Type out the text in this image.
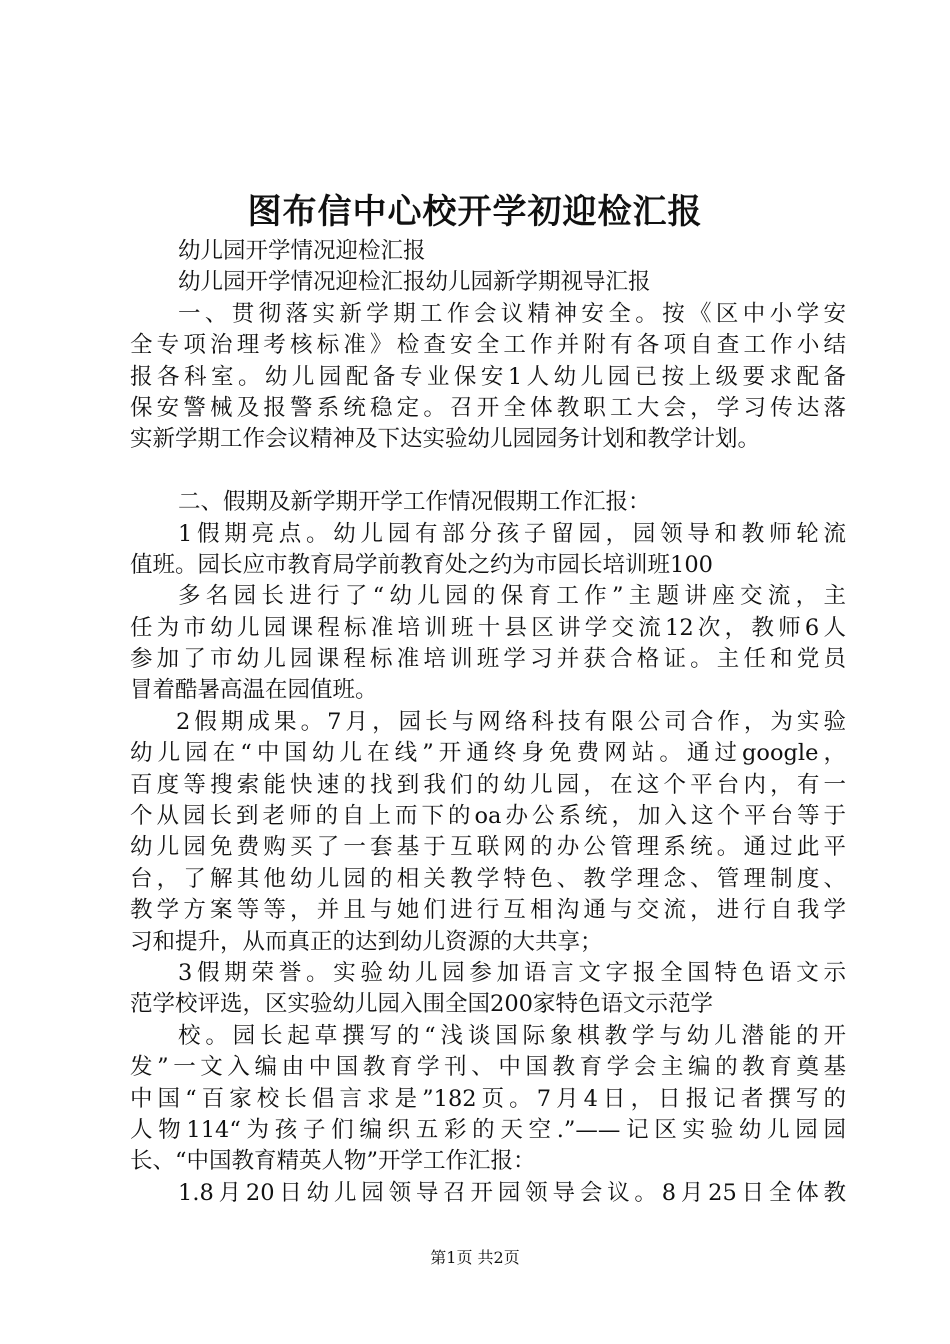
图布信中心校开学初迎检汇报
幼儿园开学情况迎检汇报
幼儿园开学情况迎检汇报幼儿园新学期视导汇报
一、贯彻落实新学期工作会议精神安全。按《区中小学安
全专项治理考核标准》检查安全工作并附有各项自查工作小结
报各科室。幼儿园配备专业保安1人幼儿园已按上级要求配备
保安警械及报警系统稳定。召开全体教职工大会，学习传达落
实新学期工作会议精神及下达实验幼儿园园务计划和教学计划。
二、假期及新学期开学工作情况假期工作汇报：
1假期亮点。幼儿园有部分孩子留园，园领导和教师轮流
值班。园长应市教育局学前教育处之约为市园长培训班100
多名园长进行了“幼儿园的保育工作”主题讲座交流，主
任为市幼儿园课程标准培训班十县区讲学交流12次，教师6人
参加了市幼儿园课程标准培训班学习并获合格证。主任和党员
冒着酷暑高温在园值班。
2假期成果。7月，园长与网络科技有限公司合作，为实验
幼儿园在“中国幼儿在线”开通终身免费网站。通过google，
百度等搜索能快速的找到我们的幼儿园，在这个平台内，有一
个从园长到老师的自上而下的oa办公系统，加入这个平台等于
幼儿园免费购买了一套基于互联网的办公管理系统。通过此平
台，了解其他幼儿园的相关教学特色、教学理念、管理制度、
教学方案等等，并且与她们进行互相沟通与交流，进行自我学
习和提升，从而真正的达到幼儿资源的大共享；
3假期荣誉。实验幼儿园参加语言文字报全国特色语文示
范学校评选，区实验幼儿园入围全国200家特色语文示范学
校。园长起草撰写的“浅谈国际象棋教学与幼儿潜能的开
发”一文入编由中国教育学刊、中国教育学会主编的教育奠基
中国“百家校长倡言求是”182页。7月4日，日报记者撰写的
人物114“为孩子们编织五彩的天空.”——记区实验幼儿园园
长、“中国教育精英人物”开学工作汇报：
1.8月20日幼儿园领导召开园领导会议。8月25日全体教
第1页 共2页
